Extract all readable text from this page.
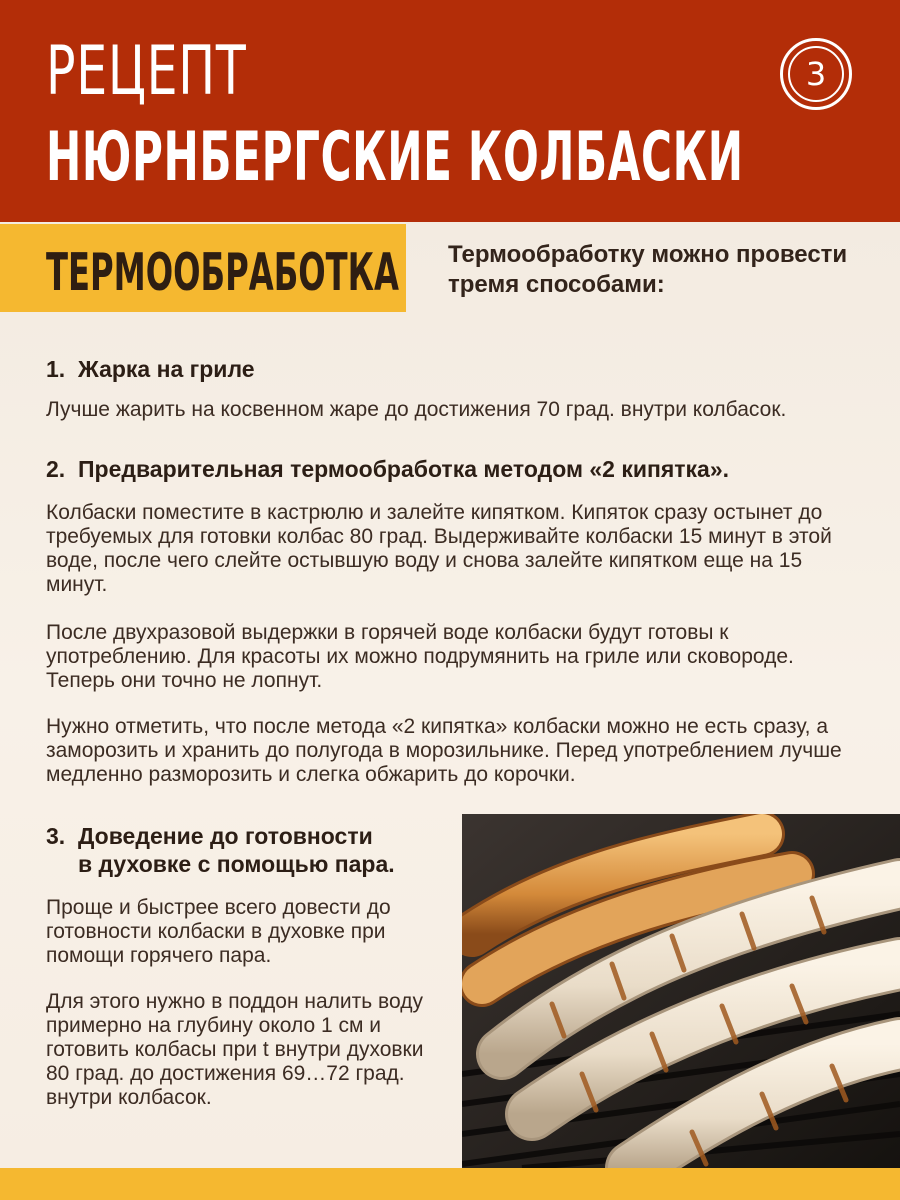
РЕЦЕПТ
НЮРНБЕРГСКИЕ КОЛБАСКИ
3
ТЕРМООБРАБОТКА Термообработку можно провести тремя способами:
1. Жарка на гриле

Лучше жарить на косвенном жаре до достижения 70 град. внутри колбасок.

2. Предварительная термообработка методом «2 кипятка».

Колбаски поместите в кастрюлю и залейте кипятком. Кипяток сразу остынет до требуемых для готовки колбас 80 град. Выдерживайте колбаски 15 минут в этой воде, после чего слейте остывшую воду и снова залейте кипятком еще на 15 минут.

После двухразовой выдержки в горячей воде колбаски будут готовы к употреблению. Для красоты их можно подрумянить на гриле или сковороде. Теперь они точно не лопнут.

Нужно отметить, что после метода «2 кипятка» колбаски можно не есть сразу, а заморозить и хранить до полугода в морозильнике. Перед употреблением лучше медленно разморозить и слегка обжарить до корочки.

3. Доведение до готовности
в духовке с помощью пара.

Проще и быстрее всего довести до готовности колбаски в духовке при помощи горячего пара.

Для этого нужно в поддон налить воду примерно на глубину около 1 см и готовить колбасы при t внутри духовки 80 град. до достижения 69…72 град. внутри колбасок.
